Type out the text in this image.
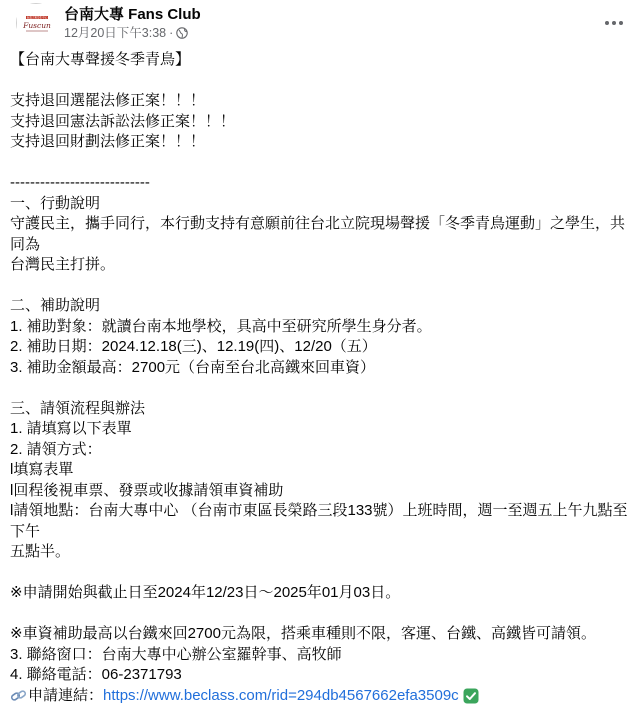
台南大專學生中心
Fuscun
台南大專 Fans Club
12月20日下午3:38 ·
【台南大專聲援冬季青鳥】
支持退回選罷法修正案！！！
支持退回憲法訴訟法修正案！！！
支持退回財劃法修正案！！！
----------------------------
一、行動說明
守護民主，攜手同行，本行動支持有意願前往台北立院現場聲援「冬季青鳥運動」之學生，共同為
台灣民主打拼。
二、補助說明
1. 補助對象：就讀台南本地學校，具高中至研究所學生身分者。
2. 補助日期：2024.12.18(三)、12.19(四)、12/20（五）
3. 補助金額最高：2700元（台南至台北高鐵來回車資）
三、請領流程與辦法
1. 請填寫以下表單
2. 請領方式：
l填寫表單
l回程後視車票、發票或收據請領車資補助
l請領地點：台南大專中心 （台南市東區長榮路三段133號）上班時間，週一至週五上午九點至下午
五點半。
※申請開始與截止日至2024年12/23日～2025年01月03日。
※車資補助最高以台鐵來回2700元為限，搭乘車種則不限，客運、台鐵、高鐵皆可請領。
3. 聯絡窗口：台南大專中心辦公室羅幹事、高牧師
4. 聯絡電話：06-2371793
申請連結： https://www.beclass.com/rid=294db4567662efa3509c
